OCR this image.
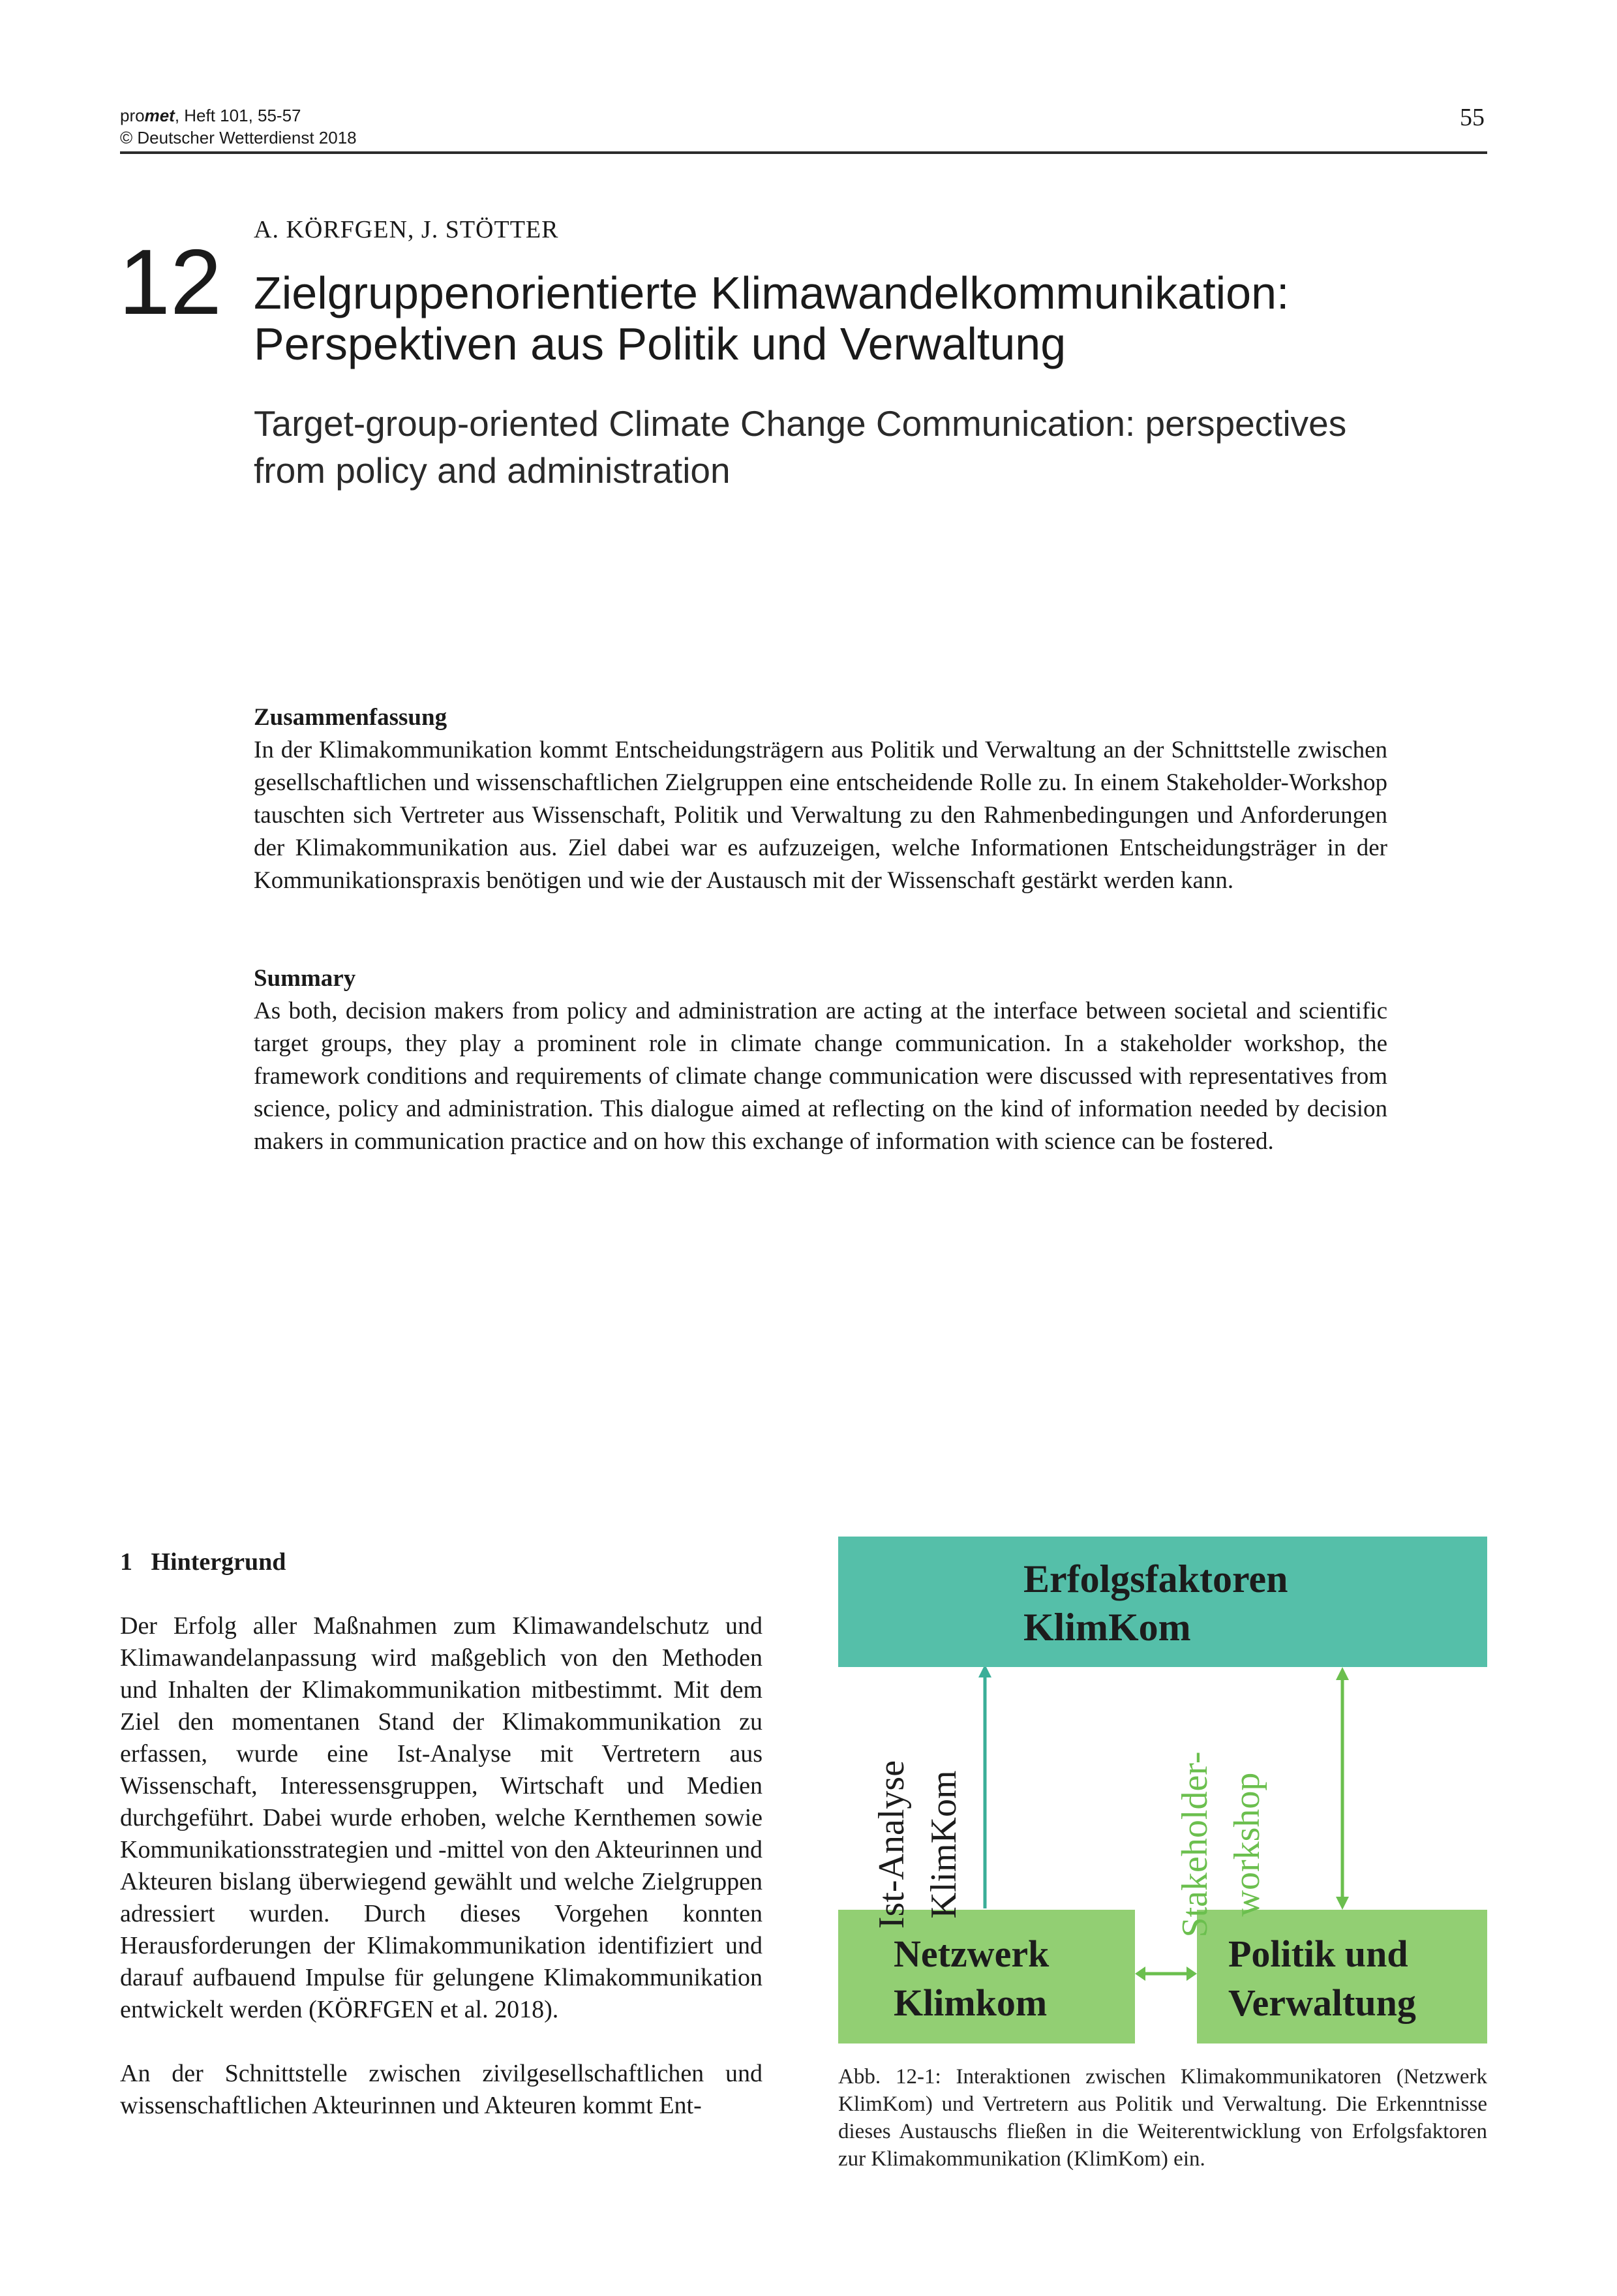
promet, Heft 101, 55-57
© Deutscher Wetterdienst 2018
55
12
A. KÖRFGEN, J. STÖTTER
Zielgruppenorientierte Klimawandelkommunikation:
Perspektiven aus Politik und Verwaltung
Target-group-oriented Climate Change Communication: perspectives
from policy and administration
Zusammenfassung

In der Klimakommunikation kommt Entscheidungsträgern aus Politik und Verwaltung an der Schnittstelle zwischen gesellschaftlichen und wissenschaftlichen Zielgruppen eine entscheidende Rolle zu. In einem Stakeholder-Workshop tauschten sich Vertreter aus Wissenschaft, Politik und Verwaltung zu den Rahmenbedingungen und Anforderungen der Klimakommunikation aus. Ziel dabei war es aufzuzeigen, welche Informationen Entscheidungsträger in der Kommunikationspraxis benötigen und wie der Austausch mit der Wissenschaft gestärkt werden kann.

Summary

As both, decision makers from policy and administration are acting at the interface between societal and scientific target groups, they play a prominent role in climate change communication. In a stakeholder workshop, the framework conditions and requirements of climate change communication were discussed with representatives from science, policy and administration. This dialogue aimed at reflecting on the kind of information needed by decision makers in communication practice and on how this exchange of information with science can be fostered.

1   Hintergrund

Der Erfolg aller Maßnahmen zum Klimawandelschutz und Klimawandelanpassung wird maßgeblich von den Methoden und Inhalten der Klimakommunikation mitbestimmt. Mit dem Ziel den momentanen Stand der Klimakommunikation zu erfassen, wurde eine Ist-Analyse mit Vertretern aus Wissenschaft, Interessensgruppen, Wirtschaft und Medien durchgeführt. Dabei wurde erhoben, welche Kernthemen sowie Kommunikationsstrategien und -mittel von den Akteurinnen und Akteuren bislang überwiegend gewählt und welche Zielgruppen adressiert wurden. Durch dieses Vorgehen konnten Herausforderungen der Klimakommunikation identifiziert und darauf aufbauend Impulse für gelungene Klimakommunikation entwickelt werden (KÖRFGEN et al. 2018).

An der Schnittstelle zwischen zivilgesellschaftlichen und wissenschaftlichen Akteurinnen und Akteuren kommt Ent-

Erfolgsfaktoren
KlimKom
Netzwerk
Klimkom
Politik und
Verwaltung
Ist-Analyse KlimKom	Stakeholder- workshop
Abb. 12-1: Interaktionen zwischen Klimakommunikatoren (Netzwerk KlimKom) und Vertretern aus Politik und Verwaltung. Die Erkenntnisse dieses Austauschs fließen in die Weiterentwicklung von Erfolgsfaktoren zur Klimakommunikation (KlimKom) ein.
